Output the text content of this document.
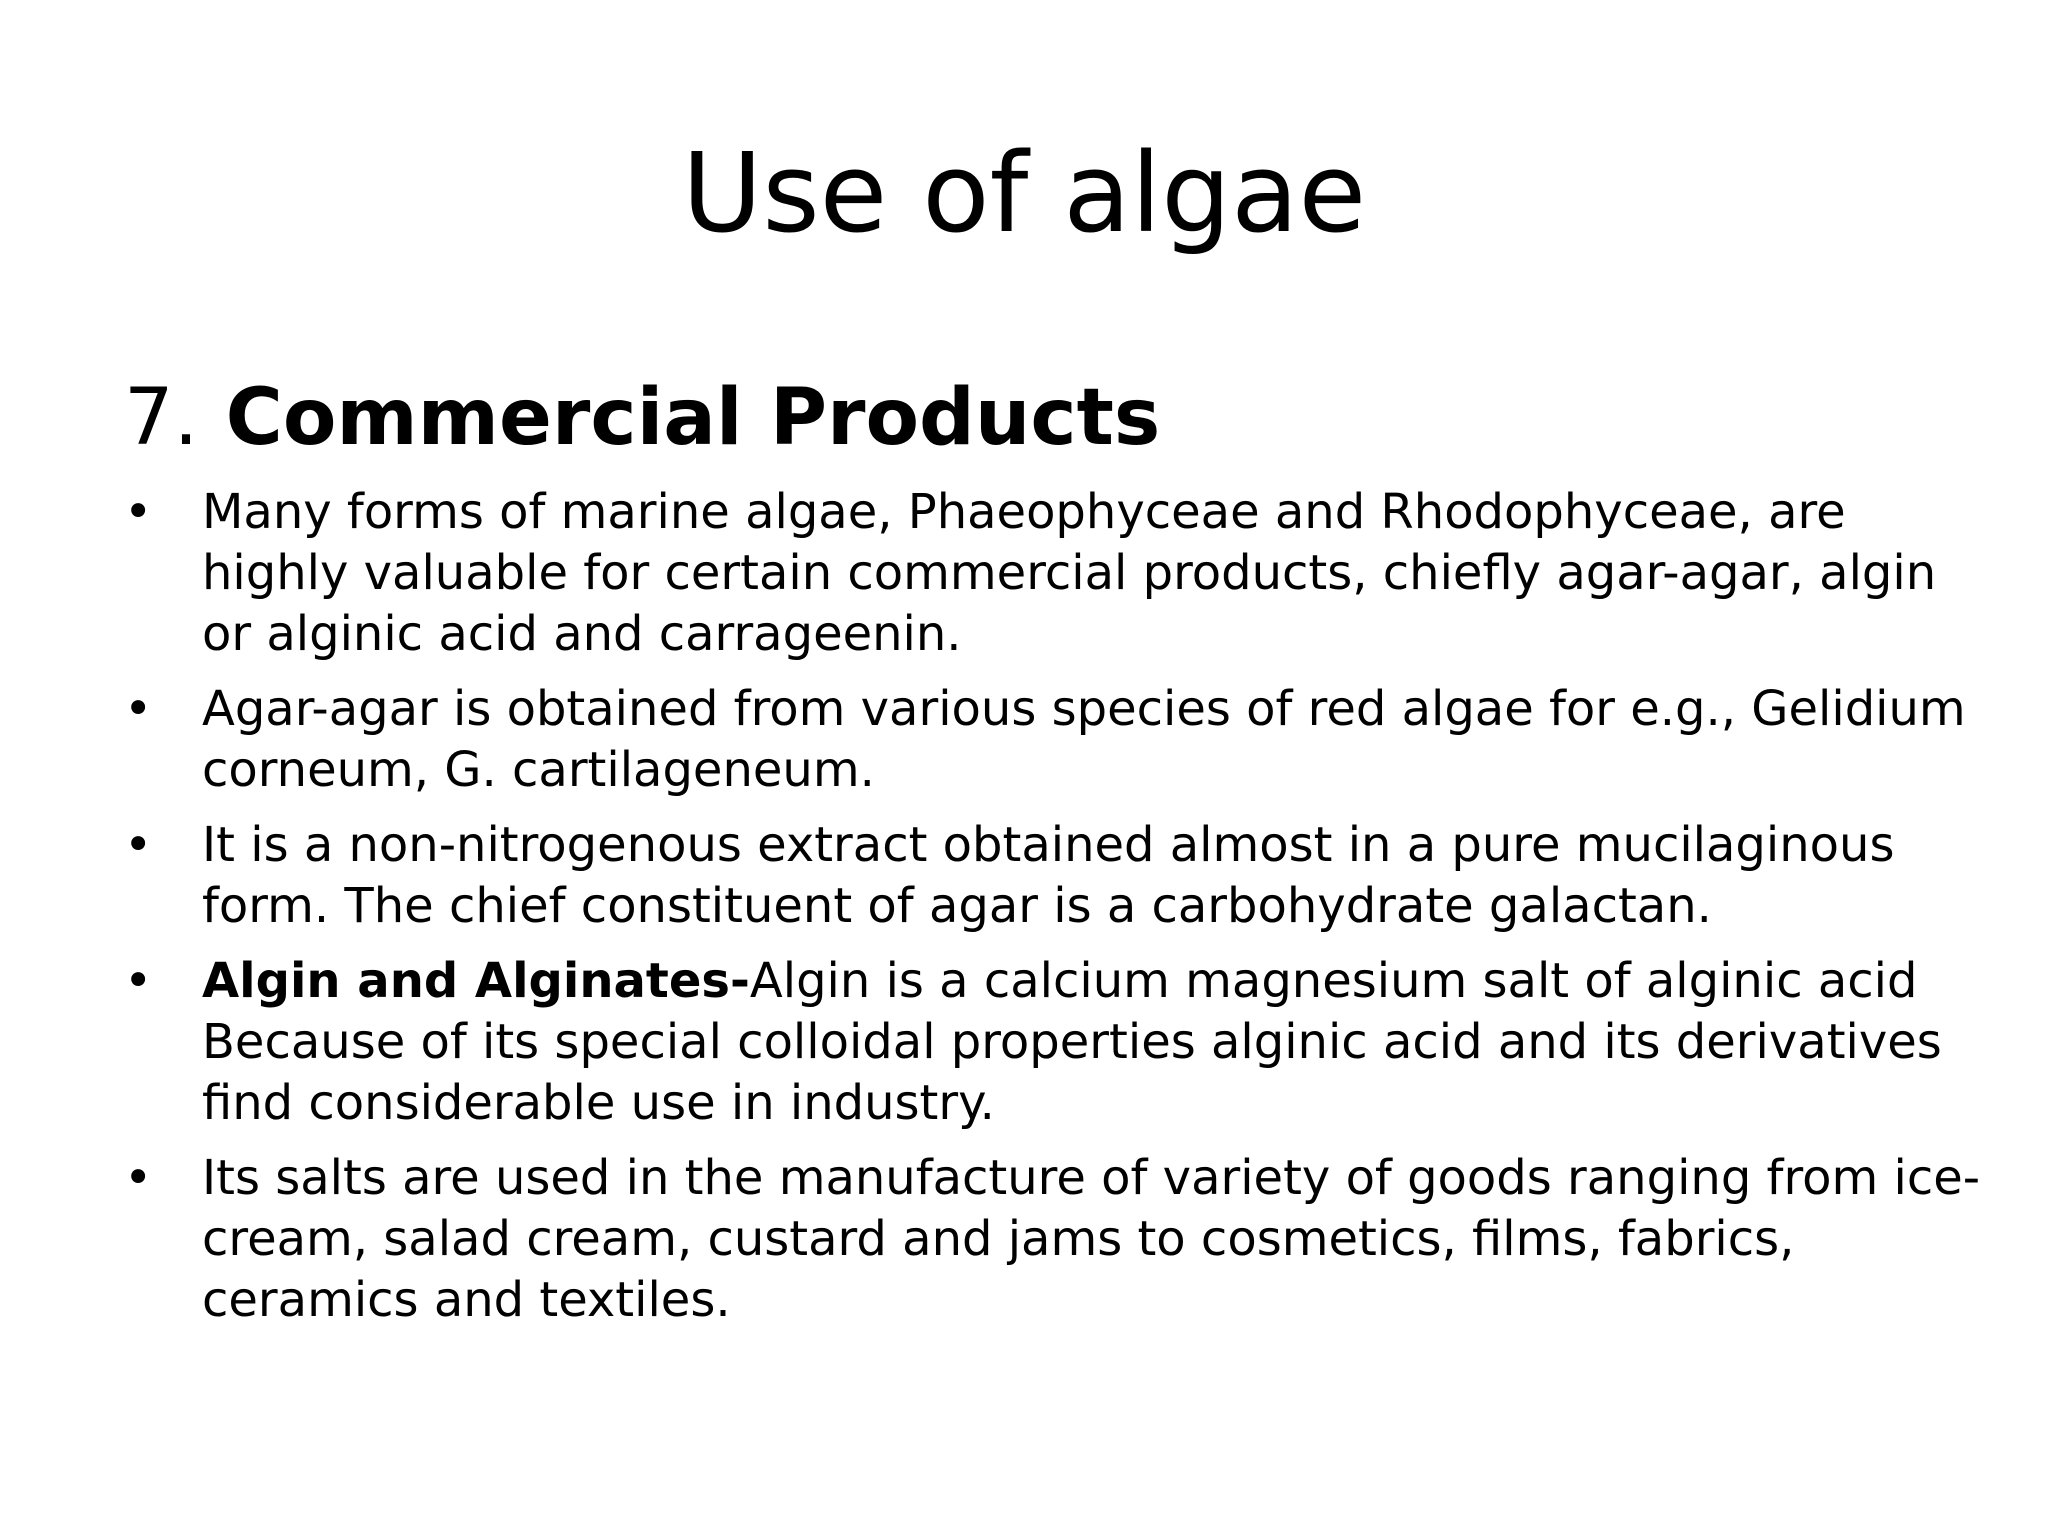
Use of algae
7. Commercial Products
• Many forms of marine algae, Phaeophyceae and Rhodophyceae, are highly valuable for certain commercial products, chiefly agar-agar, algin or alginic acid and carrageenin.
• Agar-agar is obtained from various species of red algae for e.g., Gelidium corneum, G. cartilageneum.
• It is a non-nitrogenous extract obtained almost in a pure mucilaginous form. The chief constituent of agar is a carbohydrate galactan.
• Algin and Alginates-Algin is a calcium magnesium salt of alginic acid Because of its special colloidal properties alginic acid and its derivatives find considerable use in industry.
• Its salts are used in the manufacture of variety of goods ranging from ice-cream, salad cream, custard and jams to cosmetics, films, fabrics, ceramics and textiles.
